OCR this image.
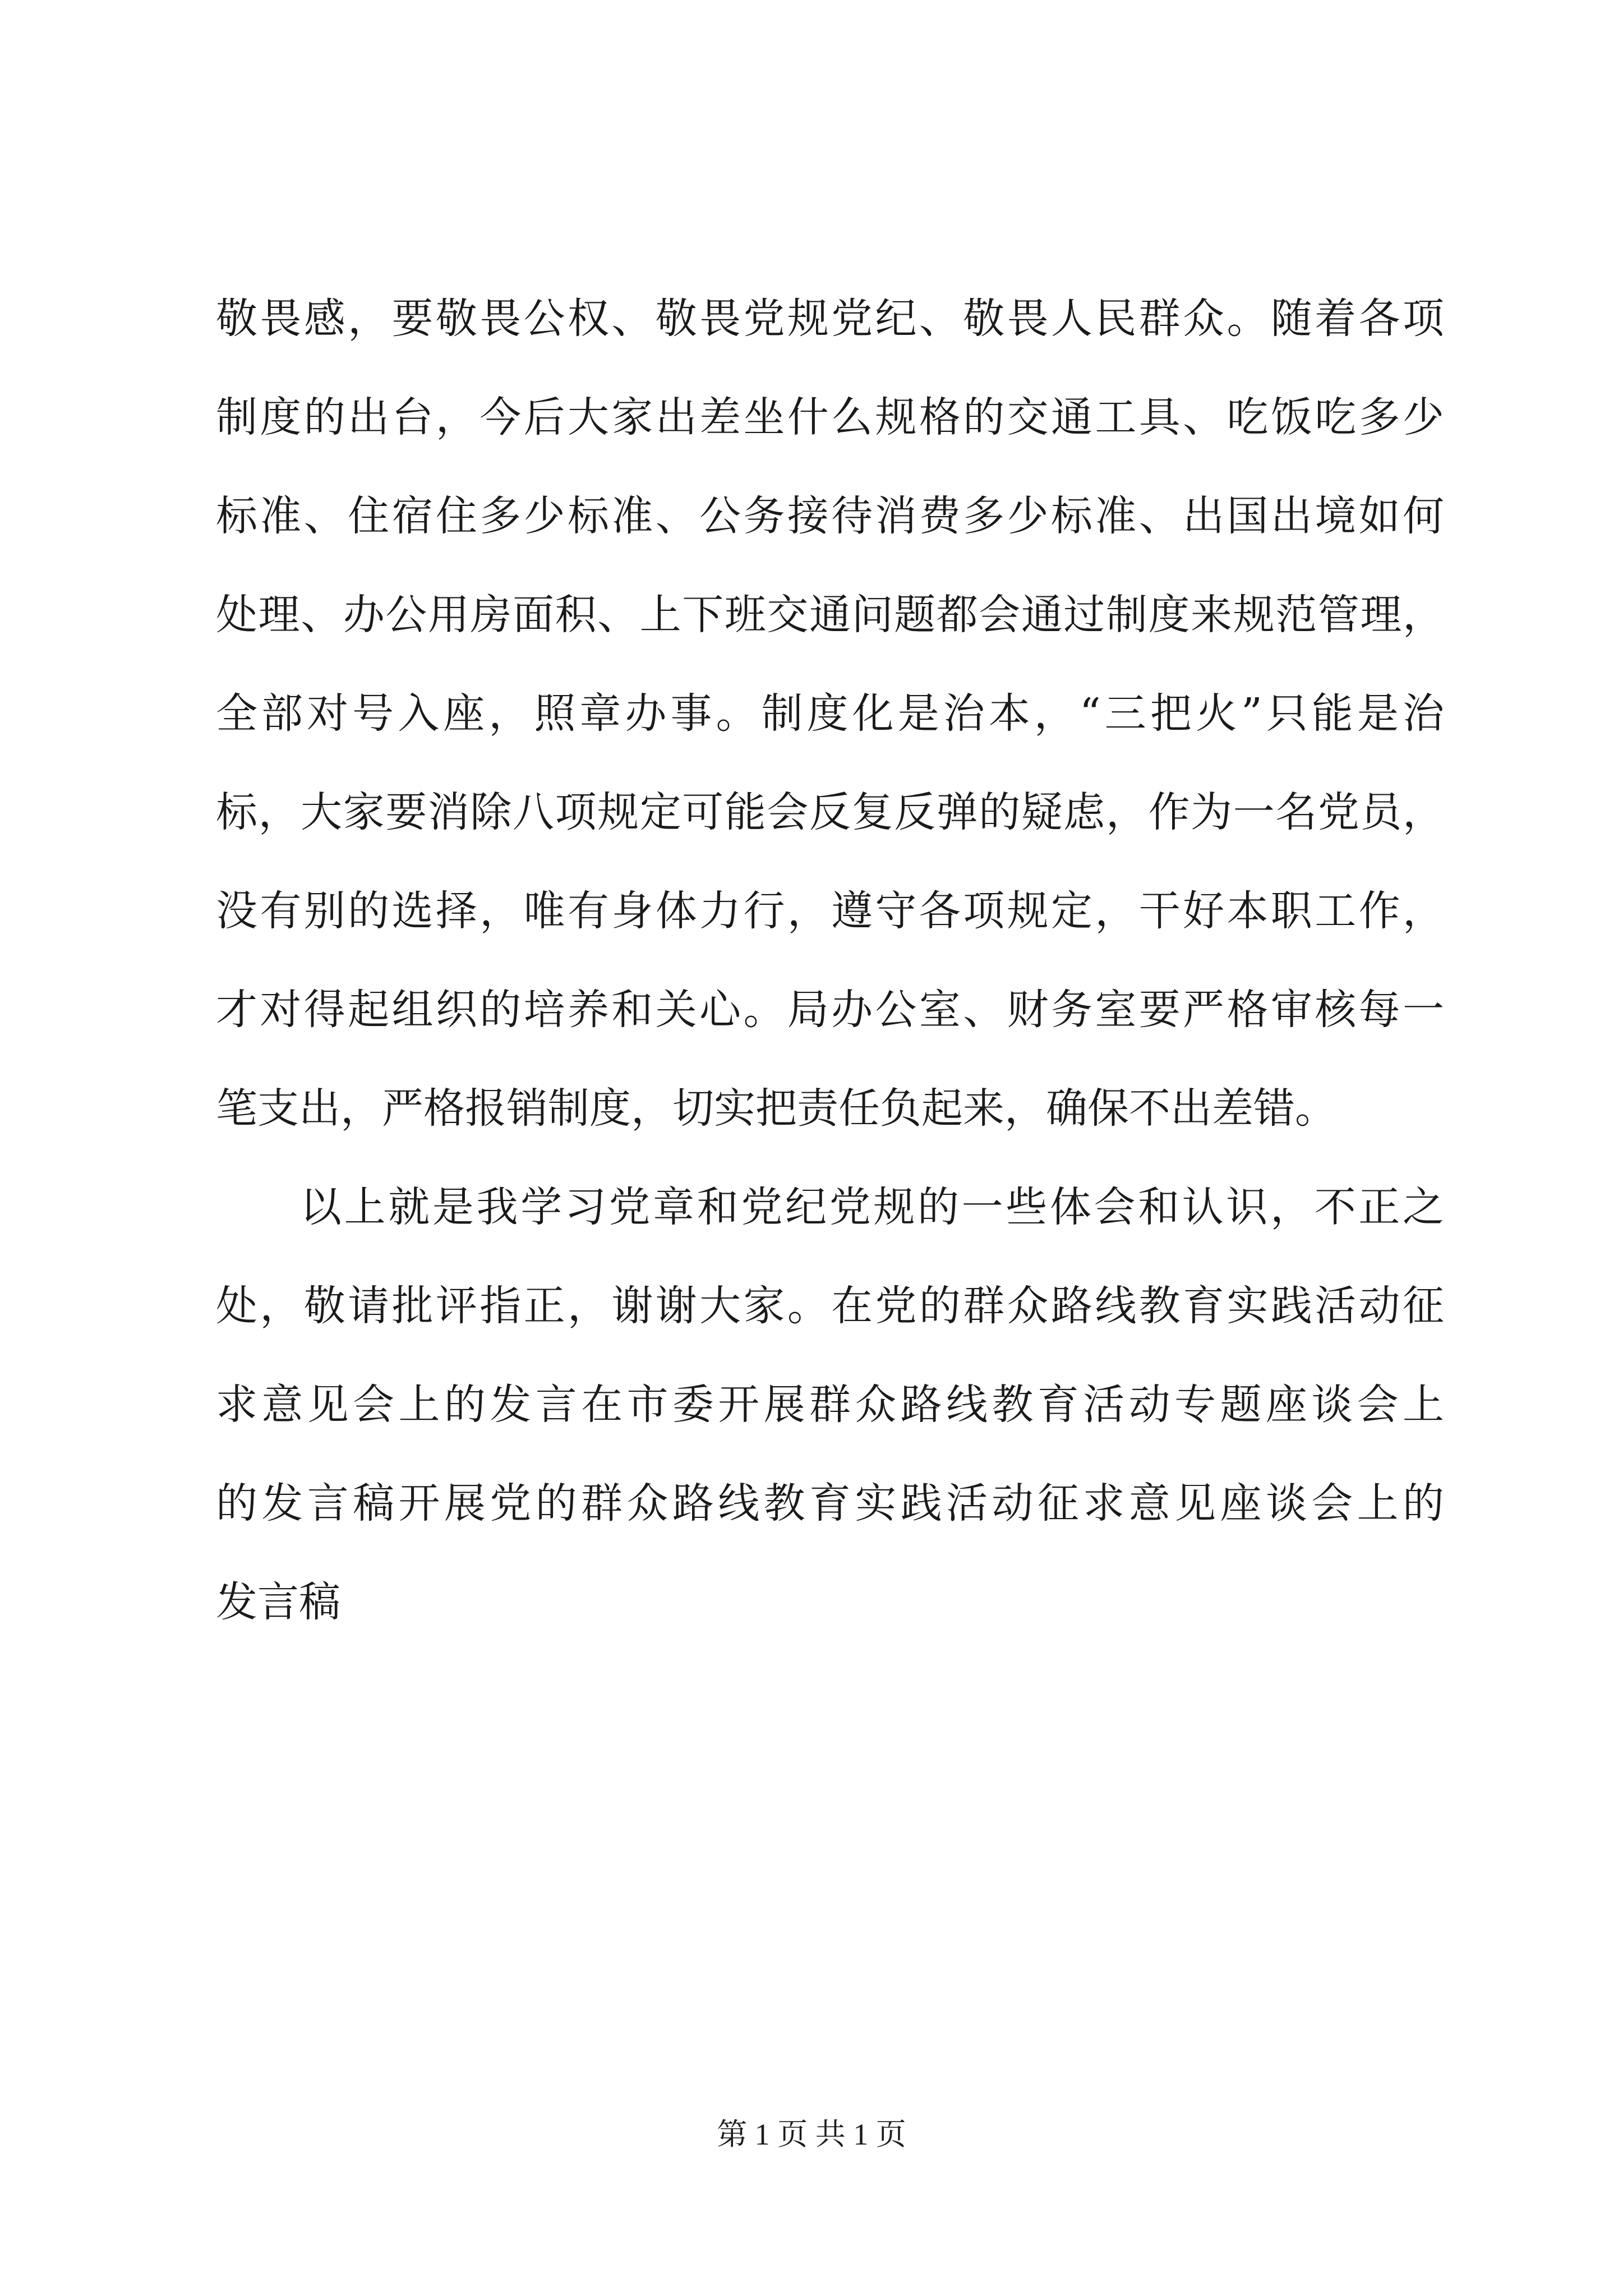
敬畏感，要敬畏公权、敬畏党规党纪、敬畏人民群众。随着各项
制度的出台，今后大家出差坐什么规格的交通工具、吃饭吃多少
标准、住宿住多少标准、公务接待消费多少标准、出国出境如何
处理、办公用房面积、上下班交通问题都会通过制度来规范管理，
全部对号入座，照章办事。制度化是治本，“三把火”只能是治
标，大家要消除八项规定可能会反复反弹的疑虑，作为一名党员，
没有别的选择，唯有身体力行，遵守各项规定，干好本职工作，
才对得起组织的培养和关心。局办公室、财务室要严格审核每一
笔支出，严格报销制度，切实把责任负起来，确保不出差错。
以上就是我学习党章和党纪党规的一些体会和认识，不正之
处，敬请批评指正，谢谢大家。在党的群众路线教育实践活动征
求意见会上的发言在市委开展群众路线教育活动专题座谈会上
的发言稿开展党的群众路线教育实践活动征求意见座谈会上的
发言稿
第 1 页 共 1 页
